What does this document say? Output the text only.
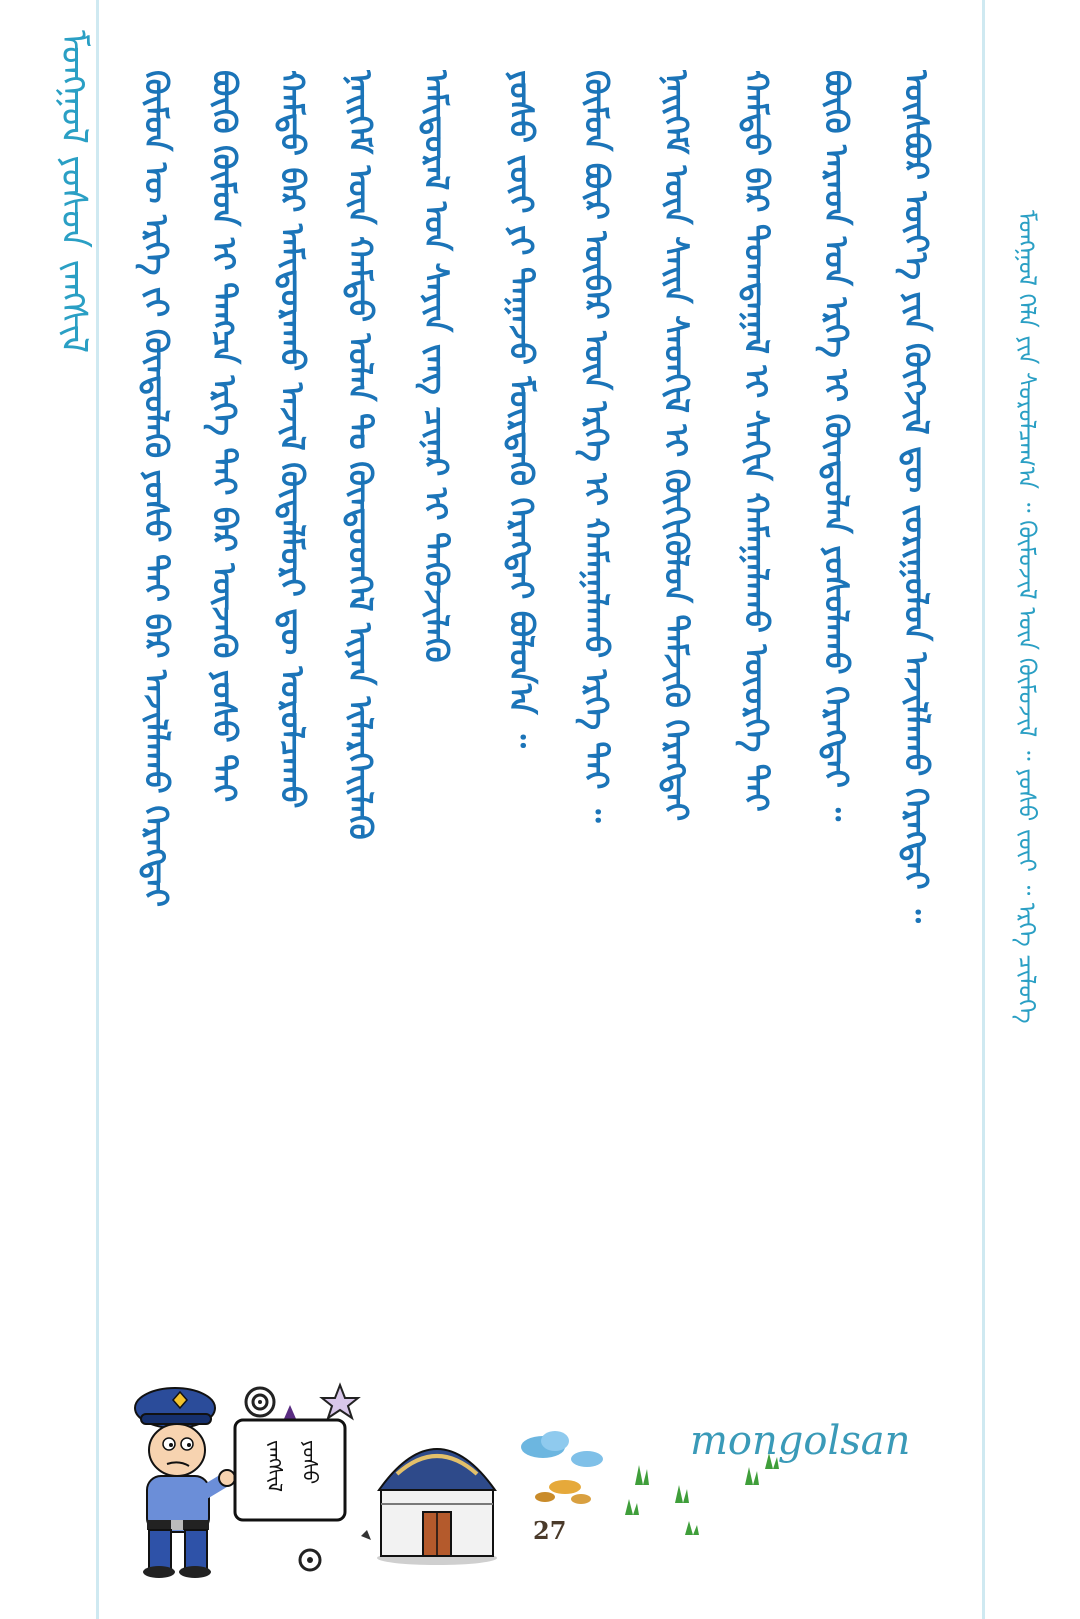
ᠮᠣᠩᠭᠣᠯ ᠶᠣᠰᠣᠨ ᠵᠠᠩᠱᠢᠯ	ᠬᠦᠮᠦᠨ ᠦ ᠡᠷᠬᠡ ᠵᠢ ᠬᠦᠨᠳᠦᠯᠡᠬᠦ ᠶᠣᠰᠣ ᠲᠠᠢ ᠪᠡᠷ ᠠᠵᠢᠯᠯᠠᠬᠤ ᠬᠡᠷᠡᠭᠲᠡᠢ ᠪᠦᠬᠦ ᠬᠦᠮᠦᠨ ᠢ ᠲᠡᠩᠴᠡ ᠡᠷᠬᠡ ᠲᠡᠢ ᠪᠡᠷ ᠦᠵᠡᠬᠦ ᠶᠣᠰᠣ ᠲᠠᠢ ᠬᠠᠮᠲᠤ ᠪᠡᠷ ᠠᠮᠢᠳᠤᠷᠠᠬᠤ ᠠᠵᠢᠯ ᠬᠥᠳᠡᠯᠮᠦᠷᠢ ᠳᠦ ᠣᠷᠣᠯᠴᠠᠬᠤ ᠨᠡᠢᠭᠡᠮ ᠦᠨ ᠬᠠᠮᠲᠤ ᠣᠯᠠᠨ ᠲᠤ ᠬᠦᠨᠳᠦᠳᠬᠡᠯ ᠢᠶᠡᠨ ᠢᠯᠡᠷᠬᠡᠢᠯᠡᠬᠦ ᠠᠮᠢᠳᠤᠷᠠᠯ ᠤᠨ ᠰᠠᠶᠢᠨ ᠵᠠᠩ ᠴᠢᠨᠠᠷ ᠢ ᠲᠡᠭᠦᠵᠢᠯᠡᠬᠦ ᠶᠣᠰᠣ ᠵᠦᠢ ᠶᠢ ᠳᠠᠭᠠᠵᠤ ᠮᠥᠷᠳᠡᠬᠦ ᠬᠡᠷᠡᠭᠲᠡᠢ ᠪᠣᠯᠤᠨ᠎ᠠ ᠃ ᠬᠦᠮᠦᠨ ᠪᠦᠷ ᠥᠪᠡᠷ ᠦᠨ ᠡᠷᠬᠡ ᠢ ᠬᠠᠮᠠᠭᠠᠯᠠᠬᠤ ᠡᠷᠬᠡ ᠲᠡᠢ ᠃ ᠨᠡᠢᠭᠡᠮ ᠦᠨ ᠰᠠᠢᠨ ᠰᠡᠳᠬᠢᠯ ᠢ ᠬᠥᠬᠢᠭᠦᠯᠦᠨ ᠳᠡᠮᠵᠢᠬᠦ ᠬᠡᠷᠡᠭᠲᠡᠢ ᠬᠠᠮᠲᠤ ᠪᠡᠷ ᠲᠣᠭᠲᠠᠭᠠᠯ ᠢ ᠰᠠᠬᠢᠨ ᠬᠠᠮᠠᠭᠠᠯᠠᠬᠤ ᠦᠦᠷᠭᠡ ᠲᠠᠢ ᠪᠦᠬᠦ ᠠᠷᠠᠳ ᠤᠨ ᠡᠷᠬᠡ ᠢ ᠬᠦᠨᠳᠦᠯᠡᠨ ᠶᠣᠰᠣᠯᠠᠬᠤ ᠬᠡᠷᠡᠭᠲᠡᠢ ᠃ ᠥᠰᠪᠦᠷ ᠦᠶ᠎ᠡ ᠶᠢᠨ ᠬᠥᠭᠵᠢᠯ ᠳᠦ ᠵᠣᠷᠢᠭᠤᠯᠤᠨ ᠠᠵᠢᠯᠯᠠᠬᠤ ᠬᠡᠷᠡᠭᠲᠡᠢ ᠃	ᠮᠣᠩᠭᠣᠯ ᠬᠡᠯᠡ ᠶᠢᠨ ᠰᠤᠷᠤᠯᠴᠠᠭ᠎ᠠ ᠃ ᠬᠦᠮᠦᠵᠢᠯ ᠦᠨ ᠬᠥᠮᠦᠵᠢᠯ ᠃ ᠶᠣᠰᠣ ᠵᠦᠢ ᠃ ᠡᠷᠬᠡ ᠴᠢᠯᠥᠭᠡ
ᠵᠠᠩᠱᠢᠯ ᠶᠣᠰᠣ	mongolsan
27
